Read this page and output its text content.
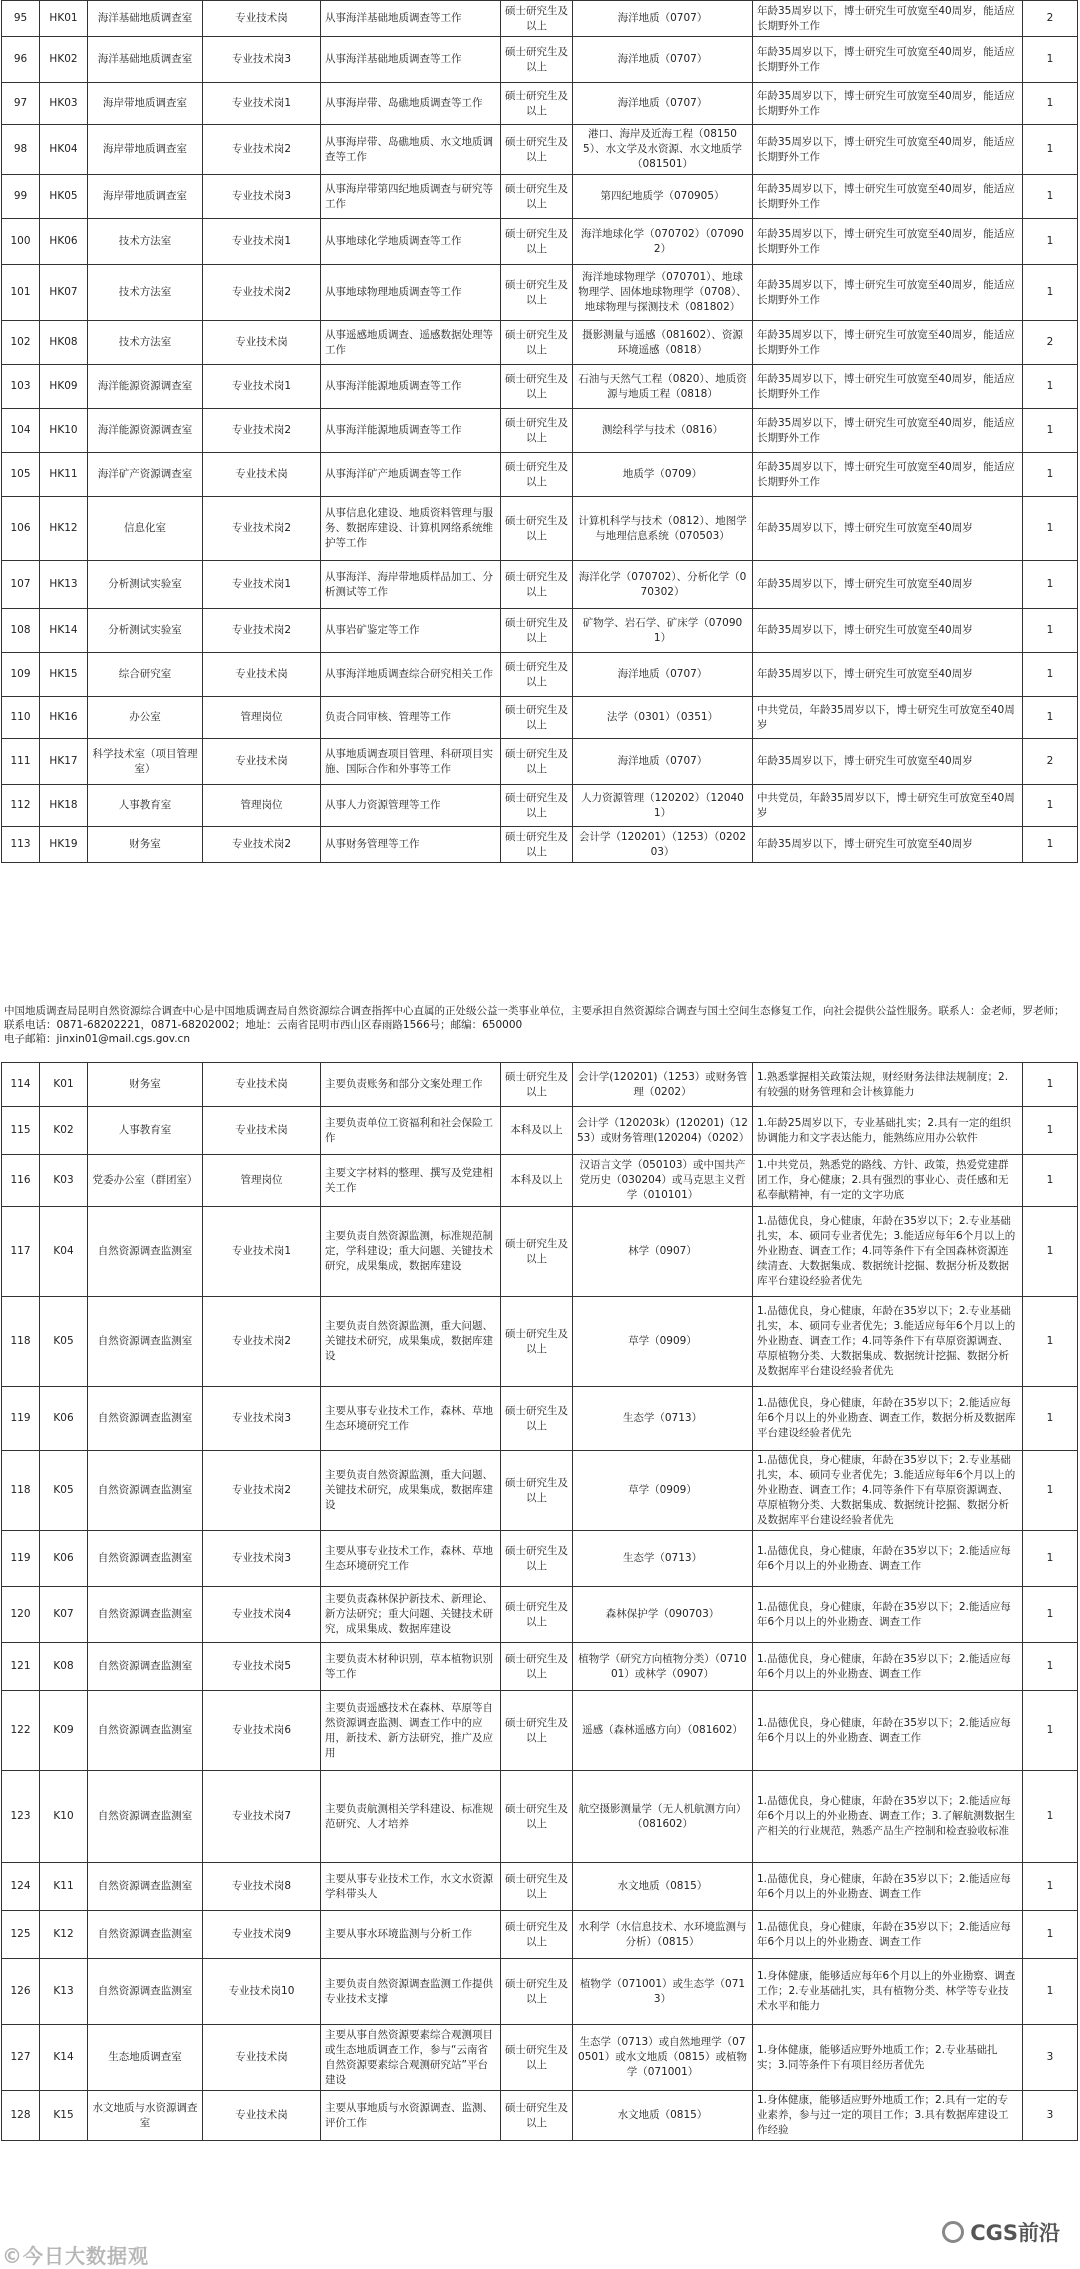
95	HK01	海洋基础地质调查室	专业技术岗	从事海洋基础地质调查等工作	硕士研究生及以上	海洋地质（0707）	年龄35周岁以下，博士研究生可放宽至40周岁，能适应长期野外工作	2
96	HK02	海洋基础地质调查室	专业技术岗3	从事海洋基础地质调查等工作	硕士研究生及以上	海洋地质（0707）	年龄35周岁以下，博士研究生可放宽至40周岁，能适应长期野外工作	1
97	HK03	海岸带地质调查室	专业技术岗1	从事海岸带、岛礁地质调查等工作	硕士研究生及以上	海洋地质（0707）	年龄35周岁以下，博士研究生可放宽至40周岁，能适应长期野外工作	1
98	HK04	海岸带地质调查室	专业技术岗2	从事海岸带、岛礁地质、水文地质调查等工作	硕士研究生及以上	港口、海岸及近海工程（081505）、水文学及水资源、水文地质学（081501）	年龄35周岁以下，博士研究生可放宽至40周岁，能适应长期野外工作	1
99	HK05	海岸带地质调查室	专业技术岗3	从事海岸带第四纪地质调查与研究等工作	硕士研究生及以上	第四纪地质学（070905）	年龄35周岁以下，博士研究生可放宽至40周岁，能适应长期野外工作	1
100	HK06	技术方法室	专业技术岗1	从事地球化学地质调查等工作	硕士研究生及以上	海洋地球化学（070702）（070902）	年龄35周岁以下，博士研究生可放宽至40周岁，能适应长期野外工作	1
101	HK07	技术方法室	专业技术岗2	从事地球物理地质调查等工作	硕士研究生及以上	海洋地球物理学（070701）、地球物理学、固体地球物理学（0708）、地球物理与探测技术（081802）	年龄35周岁以下，博士研究生可放宽至40周岁，能适应长期野外工作	1
102	HK08	技术方法室	专业技术岗	从事遥感地质调查、遥感数据处理等工作	硕士研究生及以上	摄影测量与遥感（081602）、资源环境遥感（0818）	年龄35周岁以下，博士研究生可放宽至40周岁，能适应长期野外工作	2
103	HK09	海洋能源资源调查室	专业技术岗1	从事海洋能源地质调查等工作	硕士研究生及以上	石油与天然气工程（0820）、地质资源与地质工程（0818）	年龄35周岁以下，博士研究生可放宽至40周岁，能适应长期野外工作	1
104	HK10	海洋能源资源调查室	专业技术岗2	从事海洋能源地质调查等工作	硕士研究生及以上	测绘科学与技术（0816）	年龄35周岁以下，博士研究生可放宽至40周岁，能适应长期野外工作	1
105	HK11	海洋矿产资源调查室	专业技术岗	从事海洋矿产地质调查等工作	硕士研究生及以上	地质学（0709）	年龄35周岁以下，博士研究生可放宽至40周岁，能适应长期野外工作	1
106	HK12	信息化室	专业技术岗2	从事信息化建设、地质资料管理与服务、数据库建设、计算机网络系统维护等工作	硕士研究生及以上	计算机科学与技术（0812）、地图学与地理信息系统（070503）	年龄35周岁以下，博士研究生可放宽至40周岁	1
107	HK13	分析测试实验室	专业技术岗1	从事海洋、海岸带地质样品加工、分析测试等工作	硕士研究生及以上	海洋化学（070702）、分析化学（070302）	年龄35周岁以下，博士研究生可放宽至40周岁	1
108	HK14	分析测试实验室	专业技术岗2	从事岩矿鉴定等工作	硕士研究生及以上	矿物学、岩石学、矿床学（070901）	年龄35周岁以下，博士研究生可放宽至40周岁	1
109	HK15	综合研究室	专业技术岗	从事海洋地质调查综合研究相关工作	硕士研究生及以上	海洋地质（0707）	年龄35周岁以下，博士研究生可放宽至40周岁	1
110	HK16	办公室	管理岗位	负责合同审核、管理等工作	硕士研究生及以上	法学（0301）（0351）	中共党员，年龄35周岁以下，博士研究生可放宽至40周岁	1
111	HK17	科学技术室（项目管理室）	专业技术岗	从事地质调查项目管理、科研项目实施、国际合作和外事等工作	硕士研究生及以上	海洋地质（0707）	年龄35周岁以下，博士研究生可放宽至40周岁	2
112	HK18	人事教育室	管理岗位	从事人力资源管理等工作	硕士研究生及以上	人力资源管理（120202）（120401）	中共党员，年龄35周岁以下，博士研究生可放宽至40周岁	1
113	HK19	财务室	专业技术岗2	从事财务管理等工作	硕士研究生及以上	会计学（120201）（1253）（020203）	年龄35周岁以下，博士研究生可放宽至40周岁	1
中国地质调查局昆明自然资源综合调查中心是中国地质调查局自然资源综合调查指挥中心直属的正处级公益一类事业单位，主要承担自然资源综合调查与国土空间生态修复工作，向社会提供公益性服务。联系人：金老师，罗老师；联系电话：0871-68202221，0871-68202002；地址：云南省昆明市西山区春雨路1566号；邮编：650000
电子邮箱：jinxin01@mail.cgs.gov.cn
114	K01	财务室	专业技术岗	主要负责账务和部分文案处理工作	硕士研究生及以上	会计学(120201)（1253）或财务管理（0202）	1.熟悉掌握相关政策法规，财经财务法律法规制度；2.有较强的财务管理和会计核算能力	1
115	K02	人事教育室	专业技术岗	主要负责单位工资福利和社会保险工作	本科及以上	会计学（120203k）(120201)（1253）或财务管理(120204)（0202）	1.年龄25周岁以下，专业基础扎实；2.具有一定的组织协调能力和文字表达能力，能熟练应用办公软件	1
116	K03	党委办公室（群团室）	管理岗位	主要文字材料的整理、撰写及党建相关工作	本科及以上	汉语言文学（050103）或中国共产党历史（030204）或马克思主义哲学（010101）	1.中共党员，熟悉党的路线、方针、政策，热爱党建群团工作，身心健康；2.具有强烈的事业心、责任感和无私奉献精神，有一定的文字功底	1
117	K04	自然资源调查监测室	专业技术岗1	主要负责自然资源监测，标准规范制定，学科建设；重大问题、关键技术研究，成果集成，数据库建设	硕士研究生及以上	林学（0907）	1.品德优良，身心健康，年龄在35岁以下；2.专业基础扎实，本、硕同专业者优先；3.能适应每年6个月以上的外业勘查、调查工作；4.同等条件下有全国森林资源连续清查、大数据集成、数据统计挖掘、数据分析及数据库平台建设经验者优先	1
118	K05	自然资源调查监测室	专业技术岗2	主要负责自然资源监测，重大问题、关键技术研究，成果集成，数据库建设	硕士研究生及以上	草学（0909）	1.品德优良，身心健康，年龄在35岁以下；2.专业基础扎实，本、硕同专业者优先；3.能适应每年6个月以上的外业勘查、调查工作；4.同等条件下有草原资源调查、草原植物分类、大数据集成、数据统计挖掘、数据分析及数据库平台建设经验者优先	1
119	K06	自然资源调查监测室	专业技术岗3	主要从事专业技术工作，森林、草地生态环境研究工作	硕士研究生及以上	生态学（0713）	1.品德优良，身心健康，年龄在35岁以下；2.能适应每年6个月以上的外业勘查、调查工作，数据分析及数据库平台建设经验者优先	1
118	K05	自然资源调查监测室	专业技术岗2	主要负责自然资源监测，重大问题、关键技术研究，成果集成，数据库建设	硕士研究生及以上	草学（0909）	1.品德优良，身心健康，年龄在35岁以下；2.专业基础扎实，本、硕同专业者优先；3.能适应每年6个月以上的外业勘查、调查工作；4.同等条件下有草原资源调查、草原植物分类、大数据集成、数据统计挖掘、数据分析及数据库平台建设经验者优先	1
119	K06	自然资源调查监测室	专业技术岗3	主要从事专业技术工作，森林、草地生态环境研究工作	硕士研究生及以上	生态学（0713）	1.品德优良，身心健康，年龄在35岁以下；2.能适应每年6个月以上的外业勘查、调查工作	1
120	K07	自然资源调查监测室	专业技术岗4	主要负责森林保护新技术、新理论、新方法研究；重大问题、关键技术研究，成果集成、数据库建设	硕士研究生及以上	森林保护学（090703）	1.品德优良，身心健康，年龄在35岁以下；2.能适应每年6个月以上的外业勘查、调查工作	1
121	K08	自然资源调查监测室	专业技术岗5	主要负责木材种识别，草本植物识别等工作	硕士研究生及以上	植物学（研究方向植物分类）（071001）或林学（0907）	1.品德优良，身心健康，年龄在35岁以下；2.能适应每年6个月以上的外业勘查、调查工作	1
122	K09	自然资源调查监测室	专业技术岗6	主要负责遥感技术在森林、草原等自然资源调查监测、调查工作中的应用，新技术、新方法研究，推广及应用	硕士研究生及以上	遥感（森林遥感方向）（081602）	1.品德优良，身心健康，年龄在35岁以下；2.能适应每年6个月以上的外业勘查、调查工作	1
123	K10	自然资源调查监测室	专业技术岗7	主要负责航测相关学科建设、标准规范研究、人才培养	硕士研究生及以上	航空摄影测量学（无人机航测方向）（081602）	1.品德优良，身心健康，年龄在35岁以下；2.能适应每年6个月以上的外业勘查、调查工作；3.了解航测数据生产相关的行业规范，熟悉产品生产控制和检查验收标准	1
124	K11	自然资源调查监测室	专业技术岗8	主要从事专业技术工作，水文水资源学科带头人	硕士研究生及以上	水文地质（0815）	1.品德优良，身心健康，年龄在35岁以下；2.能适应每年6个月以上的外业勘查、调查工作	1
125	K12	自然资源调查监测室	专业技术岗9	主要从事水环境监测与分析工作	硕士研究生及以上	水利学（水信息技术、水环境监测与分析）（0815）	1.品德优良，身心健康，年龄在35岁以下；2.能适应每年6个月以上的外业勘查、调查工作	1
126	K13	自然资源调查监测室	专业技术岗10	主要负责自然资源调查监测工作提供专业技术支撑	硕士研究生及以上	植物学（071001）或生态学（0713）	1.身体健康，能够适应每年6个月以上的外业勘察、调查工作；2.专业基础扎实，具有植物分类、林学等专业技术水平和能力	1
127	K14	生态地质调查室	专业技术岗	主要从事自然资源要素综合观测项目或生态地质调查工作，参与“云南省自然资源要素综合观测研究站”平台建设	硕士研究生及以上	生态学（0713）或自然地理学（070501）或水文地质（0815）或植物学（071001）	1.身体健康，能够适应野外地质工作；2.专业基础扎实；3.同等条件下有项目经历者优先	3
128	K15	水文地质与水资源调查室	专业技术岗	主要从事地质与水资源调查、监测、评价工作	硕士研究生及以上	水文地质（0815）	1.身体健康，能够适应野外地质工作；2.具有一定的专业素养，参与过一定的项目工作；3.具有数据库建设工作经验	3
©今日大数据观
CGS前沿
